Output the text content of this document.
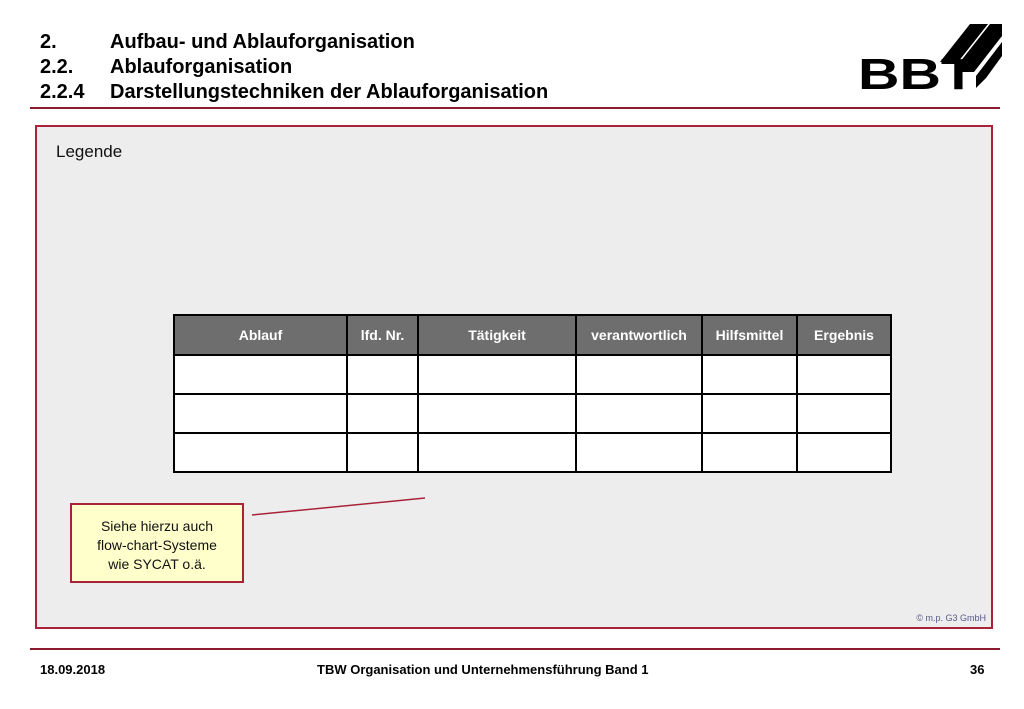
2.	Aufbau- und Ablauforganisation
2.2. Ablauforganisation
2.2.4 Darstellungstechniken der Ablauforganisation	BBT
Legende
Ablauf	lfd. Nr.	Tätigkeit	verantwortlich	Hilfsmittel	Ergebnis

Siehe hierzu auch
flow-chart-Systeme
wie SYCAT o.ä.
© m.p. G3 GmbH
18.09.2018	TBW Organisation und Unternehmensführung Band 1	36
